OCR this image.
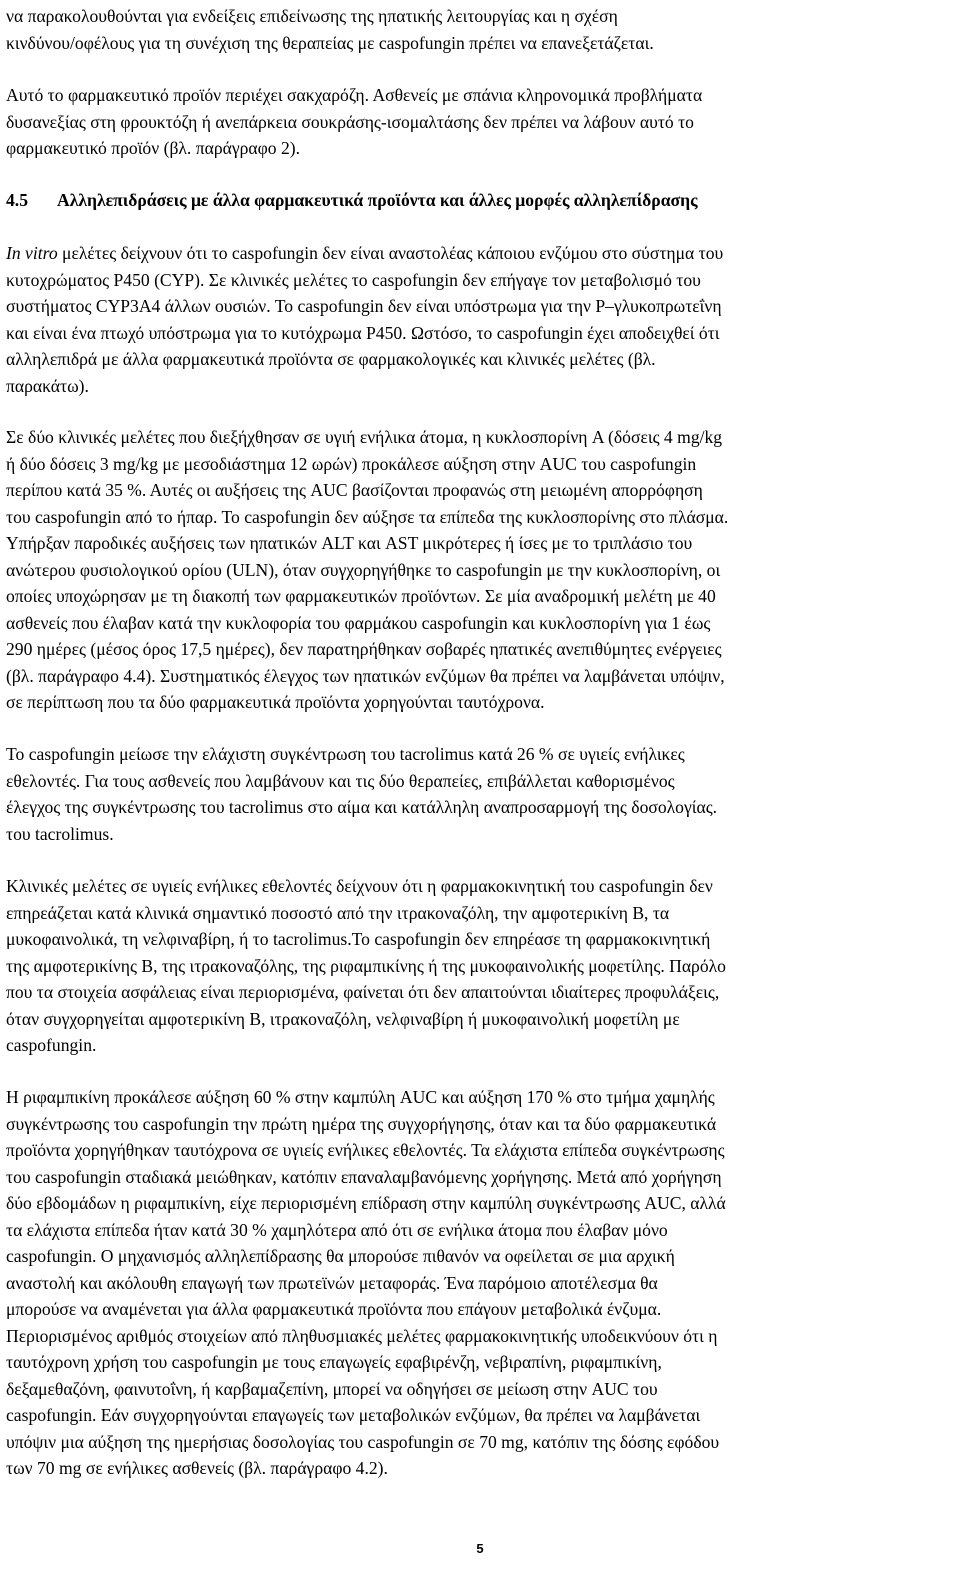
να παρακολουθούνται για ενδείξεις επιδείνωσης της ηπατικής λειτουργίας και η σχέση
κινδύνου/οφέλους για τη συνέχιση της θεραπείας με caspofungin πρέπει να επανεξετάζεται.
Αυτό το φαρμακευτικό προϊόν περιέχει σακχαρόζη. Ασθενείς με σπάνια κληρονομικά προβλήματα
δυσανεξίας στη φρουκτόζη ή ανεπάρκεια σουκράσης-ισομαλτάσης δεν πρέπει να λάβουν αυτό το
φαρμακευτικό προϊόν (βλ. παράγραφο 2).
4.5 Αλληλεπιδράσεις με άλλα φαρμακευτικά προϊόντα και άλλες μορφές αλληλεπίδρασης
In vitro μελέτες δείχνουν ότι το caspofungin δεν είναι αναστολέας κάποιου ενζύμου στο σύστημα του
κυτοχρώματος P450 (CYP). Σε κλινικές μελέτες το caspofungin δεν επήγαγε τον μεταβολισμό του
συστήματος CYP3A4 άλλων ουσιών. Το caspofungin δεν είναι υπόστρωμα για την P–γλυκοπρωτεΐνη
και είναι ένα πτωχό υπόστρωμα για το κυτόχρωμα P450. Ωστόσο, το caspofungin έχει αποδειχθεί ότι
αλληλεπιδρά με άλλα φαρμακευτικά προϊόντα σε φαρμακολογικές και κλινικές μελέτες (βλ.
παρακάτω).
Σε δύο κλινικές μελέτες που διεξήχθησαν σε υγιή ενήλικα άτομα, η κυκλοσπορίνη A (δόσεις 4 mg/kg
ή δύο δόσεις 3 mg/kg με μεσοδιάστημα 12 ωρών) προκάλεσε αύξηση στην AUC του caspofungin
περίπου κατά 35 %. Αυτές οι αυξήσεις της AUC βασίζονται προφανώς στη μειωμένη απορρόφηση
του caspofungin από το ήπαρ. Το caspofungin δεν αύξησε τα επίπεδα της κυκλοσπορίνης στο πλάσμα.
Υπήρξαν παροδικές αυξήσεις των ηπατικών ALT και AST μικρότερες ή ίσες με το τριπλάσιο του
ανώτερου φυσιολογικού ορίου (ULN), όταν συγχορηγήθηκε το caspofungin με την κυκλοσπορίνη, οι
οποίες υποχώρησαν με τη διακοπή των φαρμακευτικών προϊόντων. Σε μία αναδρομική μελέτη με 40
ασθενείς που έλαβαν κατά την κυκλοφορία του φαρμάκου caspofungin και κυκλοσπορίνη για 1 έως
290 ημέρες (μέσος όρος 17,5 ημέρες), δεν παρατηρήθηκαν σοβαρές ηπατικές ανεπιθύμητες ενέργειες
(βλ. παράγραφο 4.4). Συστηματικός έλεγχος των ηπατικών ενζύμων θα πρέπει να λαμβάνεται υπόψιν,
σε περίπτωση που τα δύο φαρμακευτικά προϊόντα χορηγούνται ταυτόχρονα.
Το caspofungin μείωσε την ελάχιστη συγκέντρωση του tacrolimus κατά 26 % σε υγιείς ενήλικες
εθελοντές. Για τους ασθενείς που λαμβάνουν και τις δύο θεραπείες, επιβάλλεται καθορισμένος
έλεγχος της συγκέντρωσης του tacrolimus στο αίμα και κατάλληλη αναπροσαρμογή της δοσολογίας.
του tacrolimus.
Κλινικές μελέτες σε υγιείς ενήλικες εθελοντές δείχνουν ότι η φαρμακοκινητική του caspofungin δεν
επηρεάζεται κατά κλινικά σημαντικό ποσοστό από την ιτρακοναζόλη, την αμφοτερικίνη B, τα
μυκοφαινολικά, τη νελφιναβίρη, ή το tacrolimus.Το caspofungin δεν επηρέασε τη φαρμακοκινητική
της αμφοτερικίνης B, της ιτρακοναζόλης, της ριφαμπικίνης ή της μυκοφαινολικής μοφετίλης. Παρόλο
που τα στοιχεία ασφάλειας είναι περιορισμένα, φαίνεται ότι δεν απαιτούνται ιδιαίτερες προφυλάξεις,
όταν συγχορηγείται αμφοτερικίνη B, ιτρακοναζόλη, νελφιναβίρη ή μυκοφαινολική μοφετίλη με
caspofungin.
Η ριφαμπικίνη προκάλεσε αύξηση 60 % στην καμπύλη AUC και αύξηση 170 % στο τμήμα χαμηλής
συγκέντρωσης του caspofungin την πρώτη ημέρα της συγχορήγησης, όταν και τα δύο φαρμακευτικά
προϊόντα χορηγήθηκαν ταυτόχρονα σε υγιείς ενήλικες εθελοντές. Τα ελάχιστα επίπεδα συγκέντρωσης
του caspofungin σταδιακά μειώθηκαν, κατόπιν επαναλαμβανόμενης χορήγησης. Μετά από χορήγηση
δύο εβδομάδων η ριφαμπικίνη, είχε περιορισμένη επίδραση στην καμπύλη συγκέντρωσης AUC, αλλά
τα ελάχιστα επίπεδα ήταν κατά 30 % χαμηλότερα από ότι σε ενήλικα άτομα που έλαβαν μόνο
caspofungin. Ο μηχανισμός αλληλεπίδρασης θα μπορούσε πιθανόν να οφείλεται σε μια αρχική
αναστολή και ακόλουθη επαγωγή των πρωτεϊνών μεταφοράς. Ένα παρόμοιο αποτέλεσμα θα
μπορούσε να αναμένεται για άλλα φαρμακευτικά προϊόντα που επάγουν μεταβολικά ένζυμα.
Περιορισμένος αριθμός στοιχείων από πληθυσμιακές μελέτες φαρμακοκινητικής υποδεικνύουν ότι η
ταυτόχρονη χρήση του caspofungin με τους επαγωγείς εφαβιρένζη, νεβιραπίνη, ριφαμπικίνη,
δεξαμεθαζόνη, φαινυτοΐνη, ή καρβαμαζεπίνη, μπορεί να οδηγήσει σε μείωση στην AUC του
caspofungin. Εάν συγχορηγούνται επαγωγείς των μεταβολικών ενζύμων, θα πρέπει να λαμβάνεται
υπόψιν μια αύξηση της ημερήσιας δοσολογίας του caspofungin σε 70 mg, κατόπιν της δόσης εφόδου
των 70 mg σε ενήλικες ασθενείς (βλ. παράγραφο 4.2).
5
